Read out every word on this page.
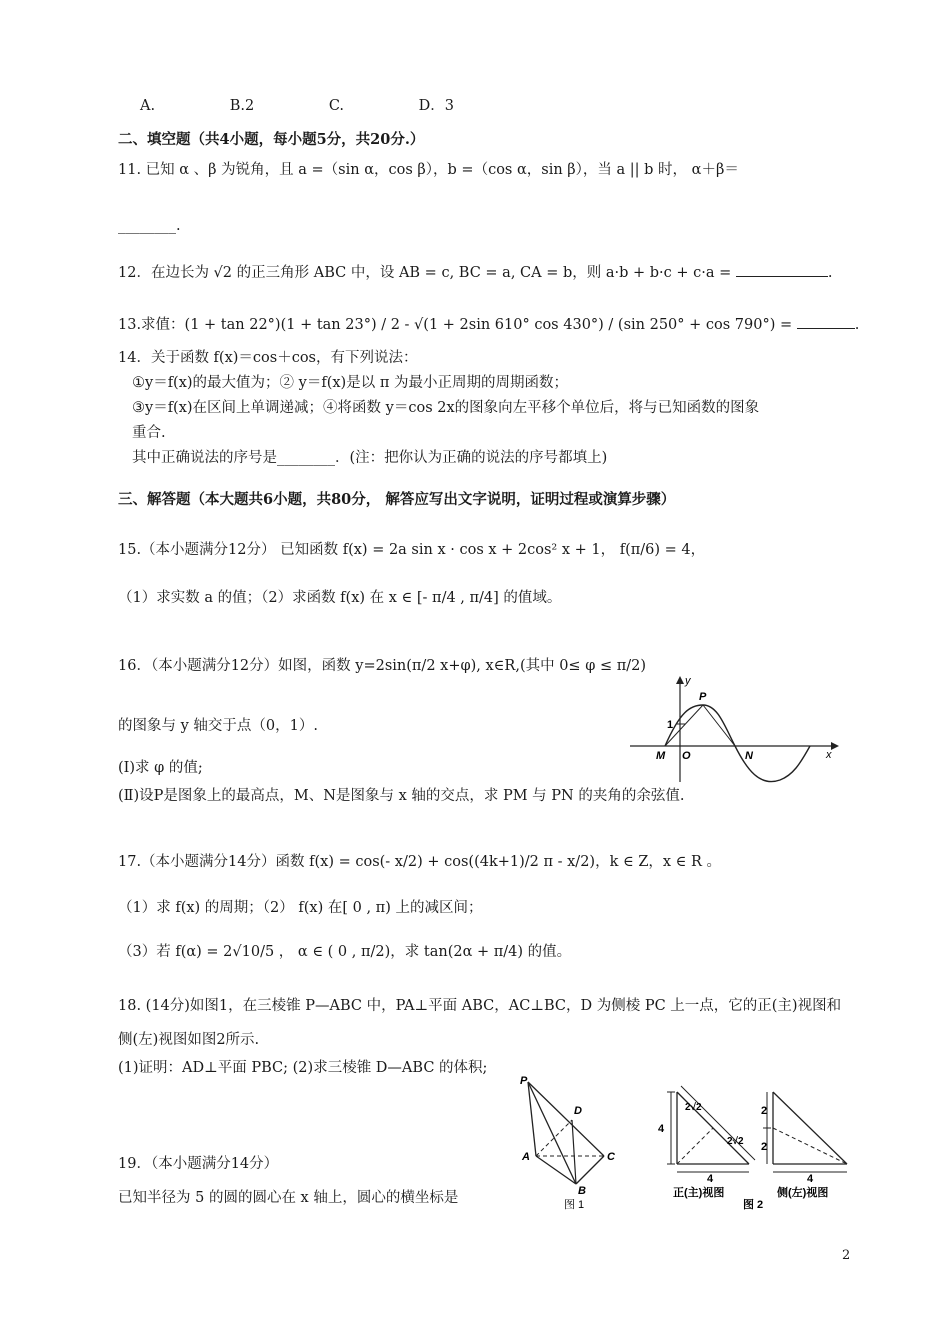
A.	B.2	C.	D．3
二、填空题（共4小题，每小题5分，共20分.）
11. 已知 α 、β 为锐角，且 a =（sin α，cos β），b =（cos α，sin β），当 a || b 时， α＋β＝
________.
12．在边长为 √2 的正三角形 ABC 中，设 AB = c, BC = a, CA = b，则 a·b + b·c + c·a =	.
13.求值：(1 + tan 22°)(1 + tan 23°) / 2 - √(1 + 2sin 610° cos 430°) / (sin 250° + cos 790°) =	.
14．关于函数 f(x)＝cos＋cos，有下列说法：
①y＝f(x)的最大值为；② y＝f(x)是以 π 为最小正周期的周期函数；
③y＝f(x)在区间上单调递减；④将函数 y＝cos 2x的图象向左平移个单位后，将与已知函数的图象
重合.
其中正确说法的序号是________．(注：把你认为正确的说法的序号都填上)
三、解答题（本大题共6小题，共80分， 解答应写出文字说明，证明过程或演算步骤）
15.（本小题满分12分） 已知函数 f(x) = 2a sin x · cos x + 2cos² x + 1， f(π/6) = 4，
（1）求实数 a 的值；（2）求函数 f(x) 在 x ∈ [- π/4 , π/4] 的值域。
16．（本小题满分12分）如图，函数 y=2sin(π/2 x+φ), x∈R,(其中 0≤ φ ≤ π/2)
的图象与 y 轴交于点（0，1）.
(Ⅰ)求 φ 的值;
(Ⅱ)设P是图象上的最高点，M、N是图象与 x 轴的交点，求 PM 与 PN 的夹角的余弦值.
y
x
P
1
M O	N
17.（本小题满分14分）函数 f(x) = cos(- x/2) + cos((4k+1)/2 π - x/2)，k ∈ Z，x ∈ R 。
（1）求 f(x) 的周期；（2） f(x) 在[ 0 , π) 上的减区间；
（3）若 f(α) = 2√10/5 ， α ∈ ( 0 , π/2)，求 tan(2α + π/4) 的值。
18. (14分)如图1，在三棱锥 P—ABC 中，PA⊥平面 ABC，AC⊥BC，D 为侧棱 PC 上一点，它的正(主)视图和
侧(左)视图如图2所示.
(1)证明：AD⊥平面 PBC; (2)求三棱锥 D—ABC 的体积;
19．（本小题满分14分）
已知半径为 5 的圆的圆心在 x 轴上，圆心的横坐标是
P
D
A	C
B
图 1
4
2√2
2√2
4
正(主)视图
2
2
4
侧(左)视图
图 2
2
